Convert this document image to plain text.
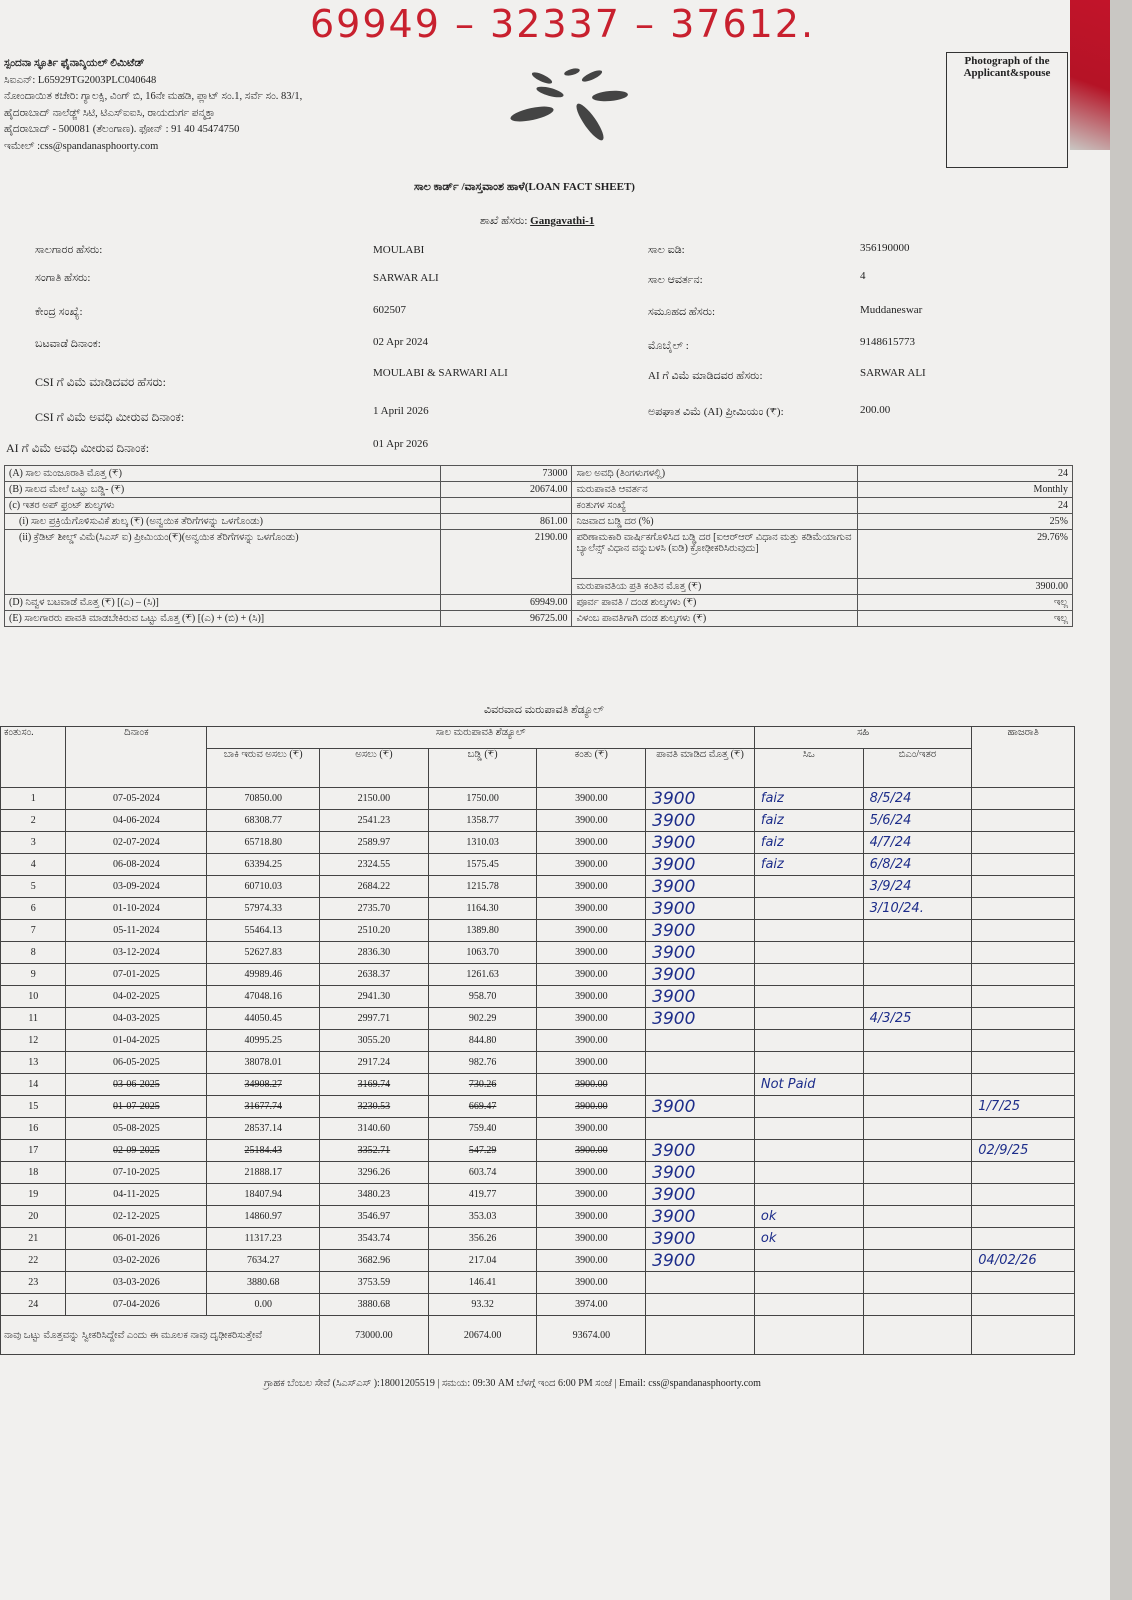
69949 – 32337 – 37612.
ಸ್ಪಂದನಾ ಸ್ಫೂರ್ತಿ ಫೈನಾನ್ಶಿಯಲ್ ಲಿಮಿಟೆಡ್
ಸಿಐಎನ್: L65929TG2003PLC040648
ನೋಂದಾಯಿತ ಕಚೇರಿ: ಗ್ಯಾಲಕ್ಸಿ, ವಿಂಗ್ ಬಿ, 16ನೇ ಮಹಡಿ, ಪ್ಲಾಟ್ ಸಂ.1, ಸರ್ವೆ ಸಂ. 83/1,
ಹೈದರಾಬಾದ್ ನಾಲೆಡ್ಜ್ ಸಿಟಿ, ಟಿಎಸ್ಐಐಸಿ, ರಾಯದುರ್ಗ ಪನ್ಮಕ್ತಾ
ಹೈದರಾಬಾದ್ - 500081 (ತೆಲಂಗಾಣ). ಫೋನ್ : 91 40 45474750
ಇಮೇಲ್ :css@spandanasphoorty.com
Photograph of the Applicant&spouse
ಸಾಲ ಕಾರ್ಡ್ /ವಾಸ್ತವಾಂಶ ಹಾಳೆ(LOAN FACT SHEET)
ಶಾಖೆ ಹೆಸರು: Gangavathi-1
ಸಾಲಗಾರರ ಹೆಸರು:	MOULABI
ಸಂಗಾತಿ ಹೆಸರು:	SARWAR ALI
ಕೇಂದ್ರ ಸಂಖ್ಯೆ:	602507
ಬಟವಾಡೆ ದಿನಾಂಕ:	02 Apr 2024
CSI ಗೆ ವಿಮೆ ಮಾಡಿದವರ ಹೆಸರು:
MOULABI & SARWARI ALI
CSI ಗೆ ವಿಮೆ ಅವಧಿ ಮೀರುವ ದಿನಾಂಕ:	1 April 2026
AI ಗೆ ವಿಮೆ ಅವಧಿ ಮೀರುವ ದಿನಾಂಕ:	01 Apr 2026
ಸಾಲ ಐಡಿ:	356190000
ಸಾಲ ಆವರ್ತನ:	4
ಸಮೂಹದ ಹೆಸರು:	Muddaneswar
ಮೊಬೈಲ್ :	9148615773
AI ಗೆ ವಿಮೆ ಮಾಡಿದವರ ಹೆಸರು:	SARWAR ALI
ಅಪಘಾತ ವಿಮೆ (AI) ಪ್ರೀಮಿಯಂ (₹):	200.00
(A) ಸಾಲ ಮಂಜೂರಾತಿ ಮೊತ್ತ (₹)	73000	ಸಾಲ ಅವಧಿ (ತಿಂಗಳುಗಳಲ್ಲಿ)	24
(B) ಸಾಲದ ಮೇಲೆ ಒಟ್ಟು ಬಡ್ಡಿ- (₹)	20674.00	ಮರುಪಾವತಿ ಆವರ್ತನ	Monthly
(c) ಇತರ ಅಪ್ ಫ್ರಂಟ್ ಶುಲ್ಕಗಳು		ಕಂತುಗಳ ಸಂಖ್ಯೆ	24
(i) ಸಾಲ ಪ್ರಕ್ರಿಯೆಗೊಳಿಸುವಿಕೆ ಶುಲ್ಕ (₹) (ಅನ್ವಯಿಕ ತೆರಿಗೆಗಳನ್ನು ಒಳಗೊಂಡು)	861.00	ನಿಜವಾದ ಬಡ್ಡಿ ದರ (%)	25%
(ii) ಕ್ರೆಡಿಟ್ ಶೀಲ್ಡ್ ವಿಮೆ(ಸಿಎಸ್ ಐ) ಪ್ರೀಮಿಯಂ(₹)(ಅನ್ವಯಿಕ ತೆರಿಗೆಗಳನ್ನು ಒಳಗೊಂಡು)	2190.00	ಪರಿಣಾಮಕಾರಿ ವಾರ್ಷಿಕಗೊಳಿಸಿದ ಬಡ್ಡಿ ದರ [ಐಆರ್‌ಆರ್ ವಿಧಾನ ಮತ್ತು ಕಡಿಮೆಯಾಗುವ ಬ್ಯಾಲೆನ್ಸ್ ವಿಧಾನ ವನ್ನುಬಳಸಿ (ಐಡಿ) ಕ್ರೋಢೀಕರಿಸಿರುವುದು]	29.76%
		ಮರುಪಾವತಿಯ ಪ್ರತಿ ಕಂತಿನ ಮೊತ್ತ (₹)	3900.00
(D) ನಿವ್ವಳ ಬಟವಾಡೆ ಮೊತ್ತ (₹) [(ಎ) – (ಸಿ)]	69949.00	ಪೂರ್ವ ಪಾವತಿ / ದಂಡ ಶುಲ್ಕಗಳು (₹)	ಇಲ್ಲ
(E) ಸಾಲಗಾರರು ಪಾವತಿ ಮಾಡಬೇಕಿರುವ ಒಟ್ಟು ಮೊತ್ತ (₹) [(ಎ) + (ಬಿ) + (ಸಿ)]	96725.00	ವಿಳಂಬ ಪಾವತಿಗಾಗಿ ದಂಡ ಶುಲ್ಕಗಳು (₹)	ಇಲ್ಲ
ವಿವರವಾದ ಮರುಪಾವತಿ ಶೆಡ್ಯೂಲ್
ಕಂತುಸಂ.	ದಿನಾಂಕ	ಸಾಲ ಮರುಪಾವತಿ ಶೆಡ್ಯೂಲ್					ಸಹಿ		ಹಾಜರಾತಿ
		ಬಾಕಿ ಇರುವ ಅಸಲು (₹)	ಅಸಲು (₹)	ಬಡ್ಡಿ (₹)	ಕಂತು (₹)	ಪಾವತಿ ಮಾಡಿದ ಮೊತ್ತ (₹)	ಸಿಒ	ಬಿಎಂ/ಇತರ	
1	07-05-2024	70850.00	2150.00	1750.00	3900.00	3900	faiz	8/5/24	
2	04-06-2024	68308.77	2541.23	1358.77	3900.00	3900	faiz	5/6/24	
3	02-07-2024	65718.80	2589.97	1310.03	3900.00	3900	faiz	4/7/24	
4	06-08-2024	63394.25	2324.55	1575.45	3900.00	3900	faiz	6/8/24	
5	03-09-2024	60710.03	2684.22	1215.78	3900.00	3900		3/9/24	
6	01-10-2024	57974.33	2735.70	1164.30	3900.00	3900		3/10/24.	
7	05-11-2024	55464.13	2510.20	1389.80	3900.00	3900			
8	03-12-2024	52627.83	2836.30	1063.70	3900.00	3900			
9	07-01-2025	49989.46	2638.37	1261.63	3900.00	3900			
10	04-02-2025	47048.16	2941.30	958.70	3900.00	3900			
11	04-03-2025	44050.45	2997.71	902.29	3900.00	3900		4/3/25	
12	01-04-2025	40995.25	3055.20	844.80	3900.00				
13	06-05-2025	38078.01	2917.24	982.76	3900.00				
14	03-06-2025	34908.27	3169.74	730.26	3900.00		Not Paid		
15	01-07-2025	31677.74	3230.53	669.47	3900.00	3900			1/7/25
16	05-08-2025	28537.14	3140.60	759.40	3900.00				
17	02-09-2025	25184.43	3352.71	547.29	3900.00	3900			02/9/25
18	07-10-2025	21888.17	3296.26	603.74	3900.00	3900			
19	04-11-2025	18407.94	3480.23	419.77	3900.00	3900			
20	02-12-2025	14860.97	3546.97	353.03	3900.00	3900	ok		
21	06-01-2026	11317.23	3543.74	356.26	3900.00	3900	ok		
22	03-02-2026	7634.27	3682.96	217.04	3900.00	3900			04/02/26
23	03-03-2026	3880.68	3753.59	146.41	3900.00				
24	07-04-2026	0.00	3880.68	93.32	3974.00				
ನಾವು ಒಟ್ಟು ಮೊತ್ತವನ್ನು ಸ್ವೀಕರಿಸಿದ್ದೇವೆ ಎಂದು ಈ ಮೂಲಕ ನಾವು ದೃಢೀಕರಿಸುತ್ತೇವೆ			73000.00	20674.00	93674.00				
ಗ್ರಾಹಕ ಬೆಂಬಲ ಸೇವೆ (ಸಿಎಸ್ಎಸ್ ):18001205519 | ಸಮಯ: 09:30 AM ಬೆಳಗ್ಗೆ ಇಂದ 6:00 PM ಸಂಜೆ | Email: css@spandanasphoorty.com
